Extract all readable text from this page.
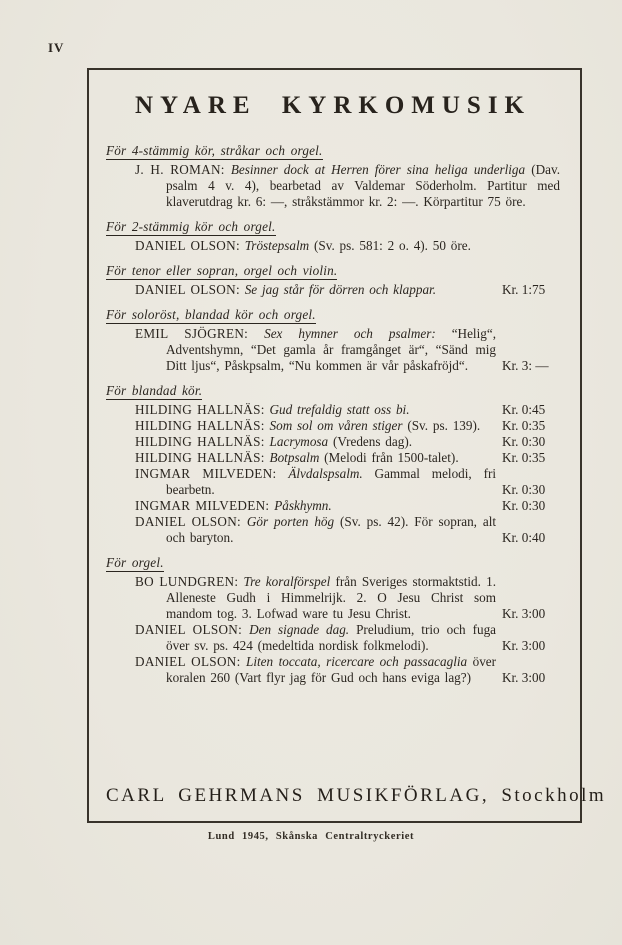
IV
NYARE KYRKOMUSIK

För 4-stämmig kör, stråkar och orgel.

J. H. ROMAN: Besinner dock at Herren förer sina heliga underliga (Dav. psalm 4 v. 4), bearbetad av Valdemar Söderholm. Partitur med klaverutdrag kr. 6: —, stråkstämmor kr. 2: —. Körpartitur 75 öre.

För 2-stämmig kör och orgel.

DANIEL OLSON: Tröstepsalm (Sv. ps. 581: 2 o. 4). 50 öre.

För tenor eller sopran, orgel och violin.

DANIEL OLSON: Se jag står för dörren och klappar.	Kr. 1:75

För soloröst, blandad kör och orgel.

EMIL SJÖGREN: Sex hymner och psalmer: “Helig“, Adventshymn, “Det gamla år framgånget är“, “Sänd mig Ditt ljus“, Påskpsalm, “Nu kommen är vår påskafröjd“.	Kr. 3: —

För blandad kör.

HILDING HALLNÄS: Gud trefaldig statt oss bi.	Kr. 0:45

HILDING HALLNÄS: Som sol om våren stiger (Sv. ps. 139).	Kr. 0:35

HILDING HALLNÄS: Lacrymosa (Vredens dag).	Kr. 0:30

HILDING HALLNÄS: Botpsalm (Melodi från 1500-talet).	Kr. 0:35

INGMAR MILVEDEN: Älvdalspsalm. Gammal melodi, fri bearbetn.	Kr. 0:30

INGMAR MILVEDEN: Påskhymn.	Kr. 0:30

DANIEL OLSON: Gör porten hög (Sv. ps. 42). För sopran, alt och baryton.	Kr. 0:40

För orgel.

BO LUNDGREN: Tre koralförspel från Sveriges stormaktstid. 1. Alleneste Gudh i Himmelrijk. 2. O Jesu Christ som mandom tog. 3. Lofwad ware tu Jesu Christ.	Kr. 3:00

DANIEL OLSON: Den signade dag. Preludium, trio och fuga över sv. ps. 424 (medeltida nordisk folkmelodi).	Kr. 3:00

DANIEL OLSON: Liten toccata, ricercare och passacaglia över koralen 260 (Vart flyr jag för Gud och hans eviga lag?)	Kr. 3:00
CARL GEHRMANS MUSIKFÖRLAG, Stockholm
Lund 1945, Skånska Centraltryckeriet
